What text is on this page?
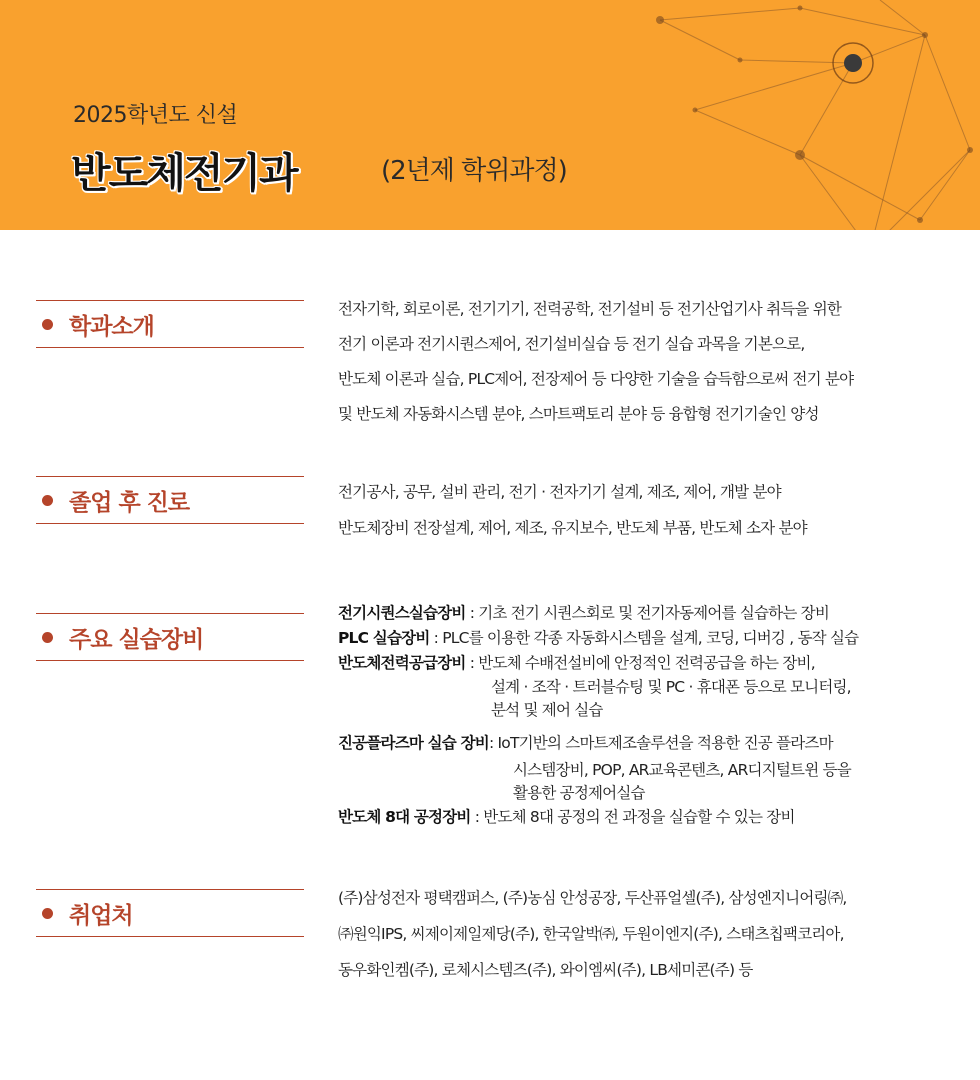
2025학년도 신설
반도체전기과	(2년제 학위과정)
학과소개
전자기학, 회로이론, 전기기기, 전력공학, 전기설비 등 전기산업기사 취득을 위한
전기 이론과 전기시퀀스제어, 전기설비실습 등 전기 실습 과목을 기본으로,
반도체 이론과 실습, PLC제어, 전장제어 등 다양한 기술을 습득함으로써 전기 분야
및 반도체 자동화시스템 분야, 스마트팩토리 분야 등 융합형 전기기술인 양성
졸업 후 진로	전기공사, 공무, 설비 관리, 전기 · 전자기기 설계, 제조, 제어, 개발 분야
반도체장비 전장설계, 제어, 제조, 유지보수, 반도체 부품, 반도체 소자 분야
주요 실습장비
전기시퀀스실습장비 : 기초 전기 시퀀스회로 및 전기자동제어를 실습하는 장비
PLC 실습장비 : PLC를 이용한 각종 자동화시스템을 설계, 코딩, 디버깅 , 동작 실습
반도체전력공급장비 : 반도체 수배전설비에 안정적인 전력공급을 하는 장비,
설계 · 조작 · 트러블슈팅 및 PC · 휴대폰 등으로 모니터링,
분석 및 제어 실습
진공플라즈마 실습 장비: IoT기반의 스마트제조솔루션을 적용한 진공 플라즈마
시스템장비, POP, AR교육콘텐츠, AR디지털트윈 등을
활용한 공정제어실습
반도체 8대 공정장비 : 반도체 8대 공정의 전 과정을 실습할 수 있는 장비
취업처
(주)삼성전자 평택캠퍼스, (주)농심 안성공장, 두산퓨얼셀(주), 삼성엔지니어링㈜,
㈜원익IPS, 씨제이제일제당(주), 한국알박㈜, 두원이엔지(주), 스태츠칩팩코리아,
동우화인켐(주), 로체시스템즈(주), 와이엠씨(주), LB세미콘(주) 등
